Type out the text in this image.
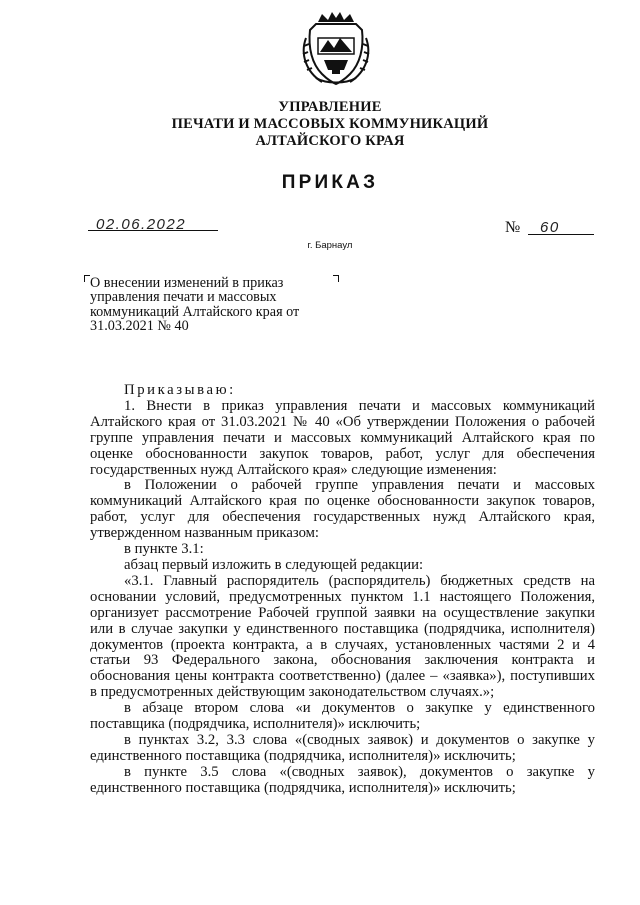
УПРАВЛЕНИЕ
ПЕЧАТИ И МАССОВЫХ КОММУНИКАЦИЙ
АЛТАЙСКОГО КРАЯ
ПРИКАЗ
02.06.2022	№ 60
г. Барнаул

О внесении изменений в приказ

управления печати и массовых

коммуникаций Алтайского края от

31.03.2021 № 40

Приказываю:

1. Внести в приказ управления печати и массовых коммуникаций Алтайского края от 31.03.2021 № 40 «Об утверждении Положения о рабочей группе управления печати и массовых коммуникаций Алтайского края по оценке обоснованности закупок товаров, работ, услуг для обеспечения государственных нужд Алтайского края» следующие изменения:

в Положении о рабочей группе управления печати и массовых коммуникаций Алтайского края по оценке обоснованности закупок товаров, работ, услуг для обеспечения государственных нужд Алтайского края, утвержденном названным приказом:

в пункте 3.1:

абзац первый изложить в следующей редакции:

«3.1. Главный распорядитель (распорядитель) бюджетных средств на основании условий, предусмотренных пунктом 1.1 настоящего Положения, организует рассмотрение Рабочей группой заявки на осуществление закупки или в случае закупки у единственного поставщика (подрядчика, исполнителя) документов (проекта контракта, а в случаях, установленных частями 2 и 4 статьи 93 Федерального закона, обоснования заключения контракта и обоснования цены контракта соответственно) (далее – «заявка»), поступивших в предусмотренных действующим законодательством случаях.»;

в абзаце втором слова «и документов о закупке у единственного поставщика (подрядчика, исполнителя)» исключить;

в пунктах 3.2, 3.3 слова «(сводных заявок) и документов о закупке у единственного поставщика (подрядчика, исполнителя)» исключить;

в пункте 3.5 слова «(сводных заявок), документов о закупке у единственного поставщика (подрядчика, исполнителя)» исключить;
